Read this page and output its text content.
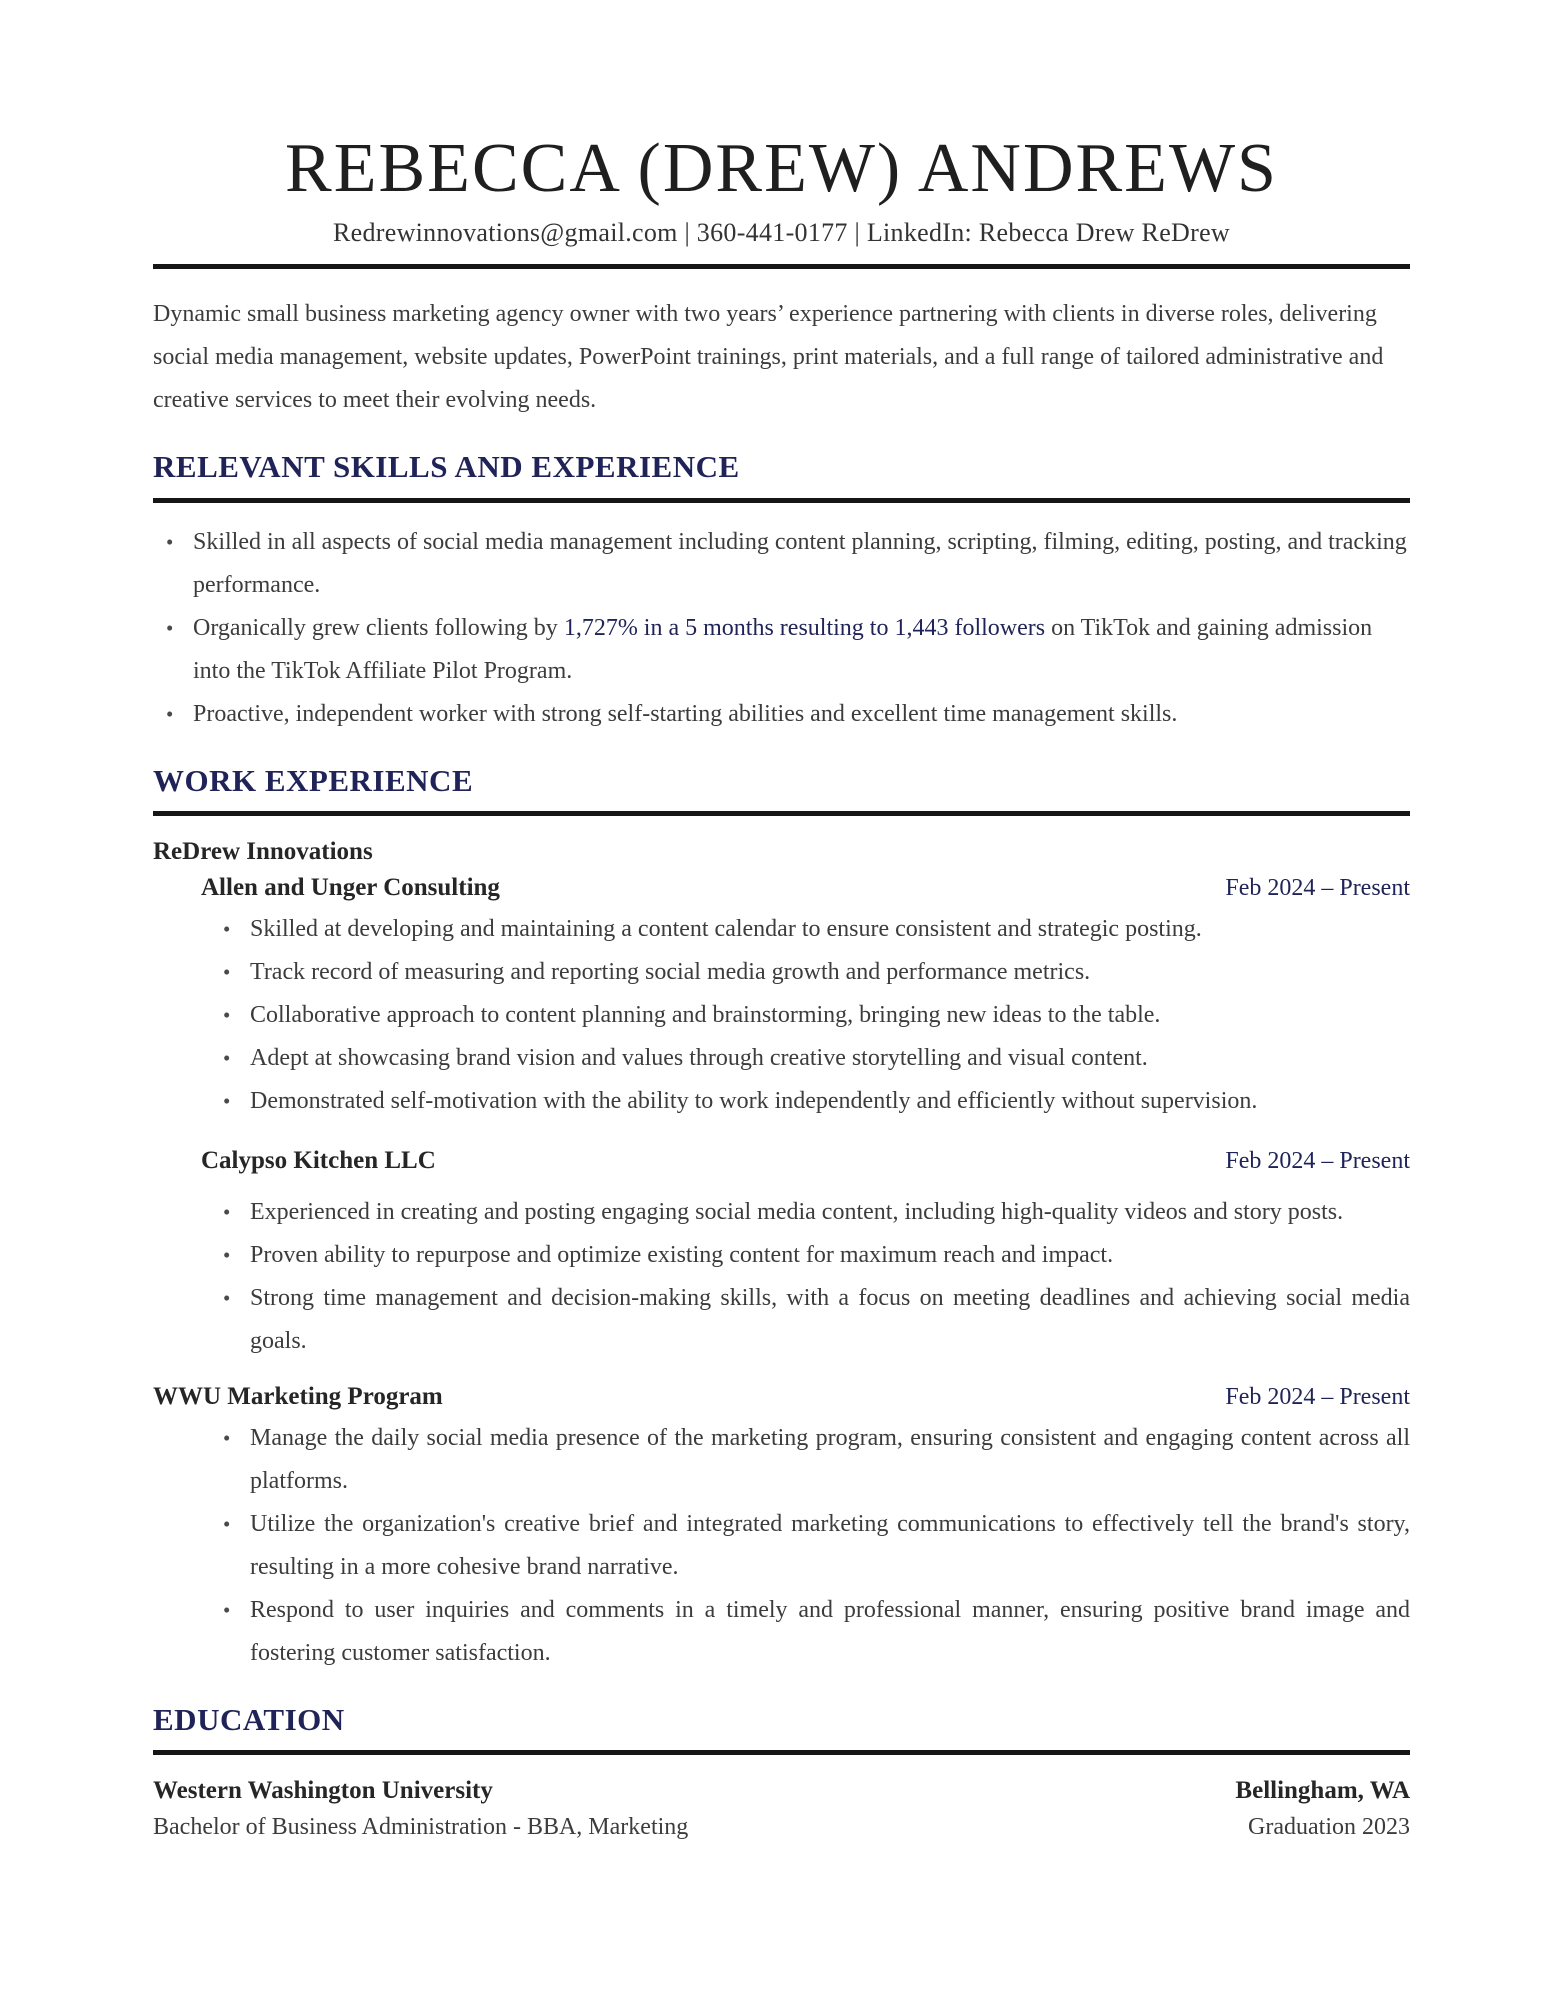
REBECCA (DREW) ANDREWS
Redrewinnovations@gmail.com | 360-441-0177 | LinkedIn: Rebecca Drew ReDrew

Dynamic small business marketing agency owner with two years’ experience partnering with clients in diverse roles, delivering social media management, website updates, PowerPoint trainings, print materials, and a full range of tailored administrative and creative services to meet their evolving needs.

RELEVANT SKILLS AND EXPERIENCE
• Skilled in all aspects of social media management including content planning, scripting, filming, editing, posting, and tracking performance.
• Organically grew clients following by 1,727% in a 5 months resulting to 1,443 followers on TikTok and gaining admission into the TikTok Affiliate Pilot Program.
• Proactive, independent worker with strong self-starting abilities and excellent time management skills.
WORK EXPERIENCE
ReDrew Innovations
Allen and Unger Consulting	Feb 2024 – Present
• Skilled at developing and maintaining a content calendar to ensure consistent and strategic posting.
• Track record of measuring and reporting social media growth and performance metrics.
• Collaborative approach to content planning and brainstorming, bringing new ideas to the table.
• Adept at showcasing brand vision and values through creative storytelling and visual content.
• Demonstrated self-motivation with the ability to work independently and efficiently without supervision.
Calypso Kitchen LLC	Feb 2024 – Present
• Experienced in creating and posting engaging social media content, including high-quality videos and story posts.
• Proven ability to repurpose and optimize existing content for maximum reach and impact.
• Strong time management and decision-making skills, with a focus on meeting deadlines and achieving social media goals.
WWU Marketing Program	Feb 2024 – Present
• Manage the daily social media presence of the marketing program, ensuring consistent and engaging content across all platforms.
• Utilize the organization's creative brief and integrated marketing communications to effectively tell the brand's story, resulting in a more cohesive brand narrative.
• Respond to user inquiries and comments in a timely and professional manner, ensuring positive brand image and fostering customer satisfaction.
EDUCATION
Western Washington University	Bellingham, WA
Bachelor of Business Administration - BBA, Marketing	Graduation 2023
